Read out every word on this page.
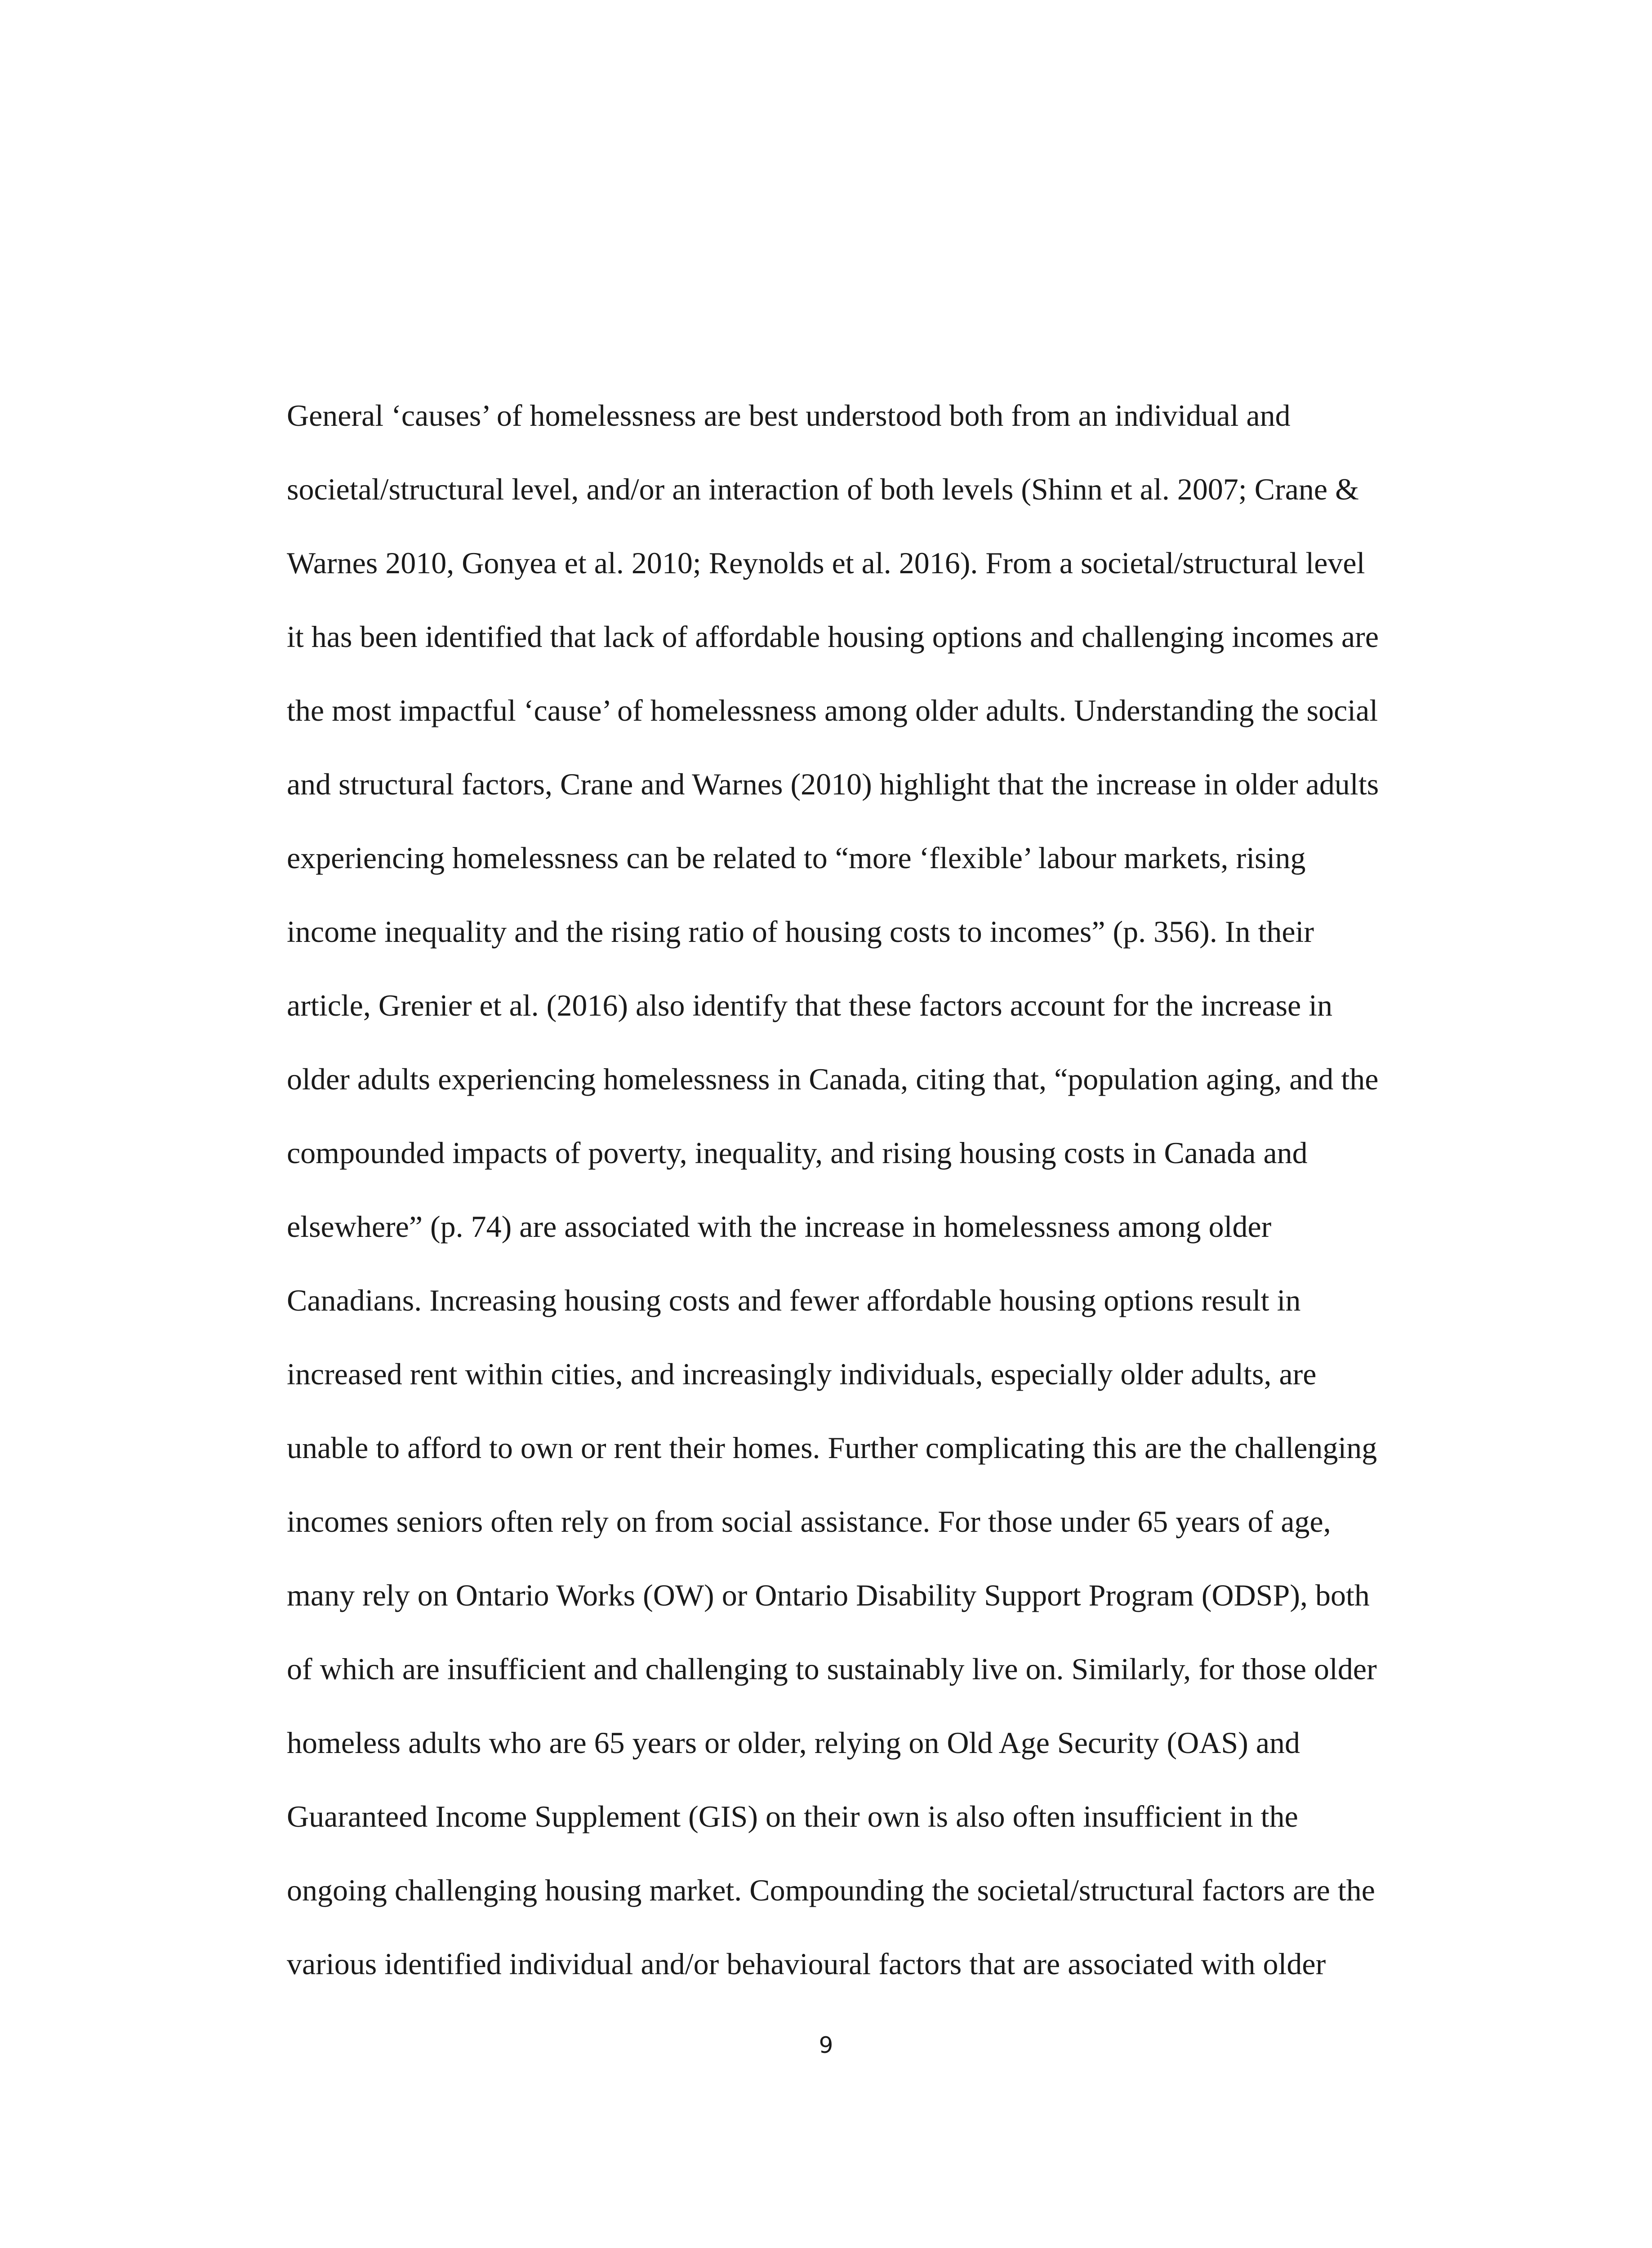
General ‘causes’ of homelessness are best understood both from an individual and
societal/structural level, and/or an interaction of both levels (Shinn et al. 2007; Crane &
Warnes 2010, Gonyea et al. 2010; Reynolds et al. 2016). From a societal/structural level
it has been identified that lack of affordable housing options and challenging incomes are
the most impactful ‘cause’ of homelessness among older adults. Understanding the social
and structural factors, Crane and Warnes (2010) highlight that the increase in older adults
experiencing homelessness can be related to “more ‘flexible’ labour markets, rising
income inequality and the rising ratio of housing costs to incomes” (p. 356). In their
article, Grenier et al. (2016) also identify that these factors account for the increase in
older adults experiencing homelessness in Canada, citing that, “population aging, and the
compounded impacts of poverty, inequality, and rising housing costs in Canada and
elsewhere” (p. 74) are associated with the increase in homelessness among older
Canadians. Increasing housing costs and fewer affordable housing options result in
increased rent within cities, and increasingly individuals, especially older adults, are
unable to afford to own or rent their homes. Further complicating this are the challenging
incomes seniors often rely on from social assistance. For those under 65 years of age,
many rely on Ontario Works (OW) or Ontario Disability Support Program (ODSP), both
of which are insufficient and challenging to sustainably live on. Similarly, for those older
homeless adults who are 65 years or older, relying on Old Age Security (OAS) and
Guaranteed Income Supplement (GIS) on their own is also often insufficient in the
ongoing challenging housing market. Compounding the societal/structural factors are the
various identified individual and/or behavioural factors that are associated with older
9
